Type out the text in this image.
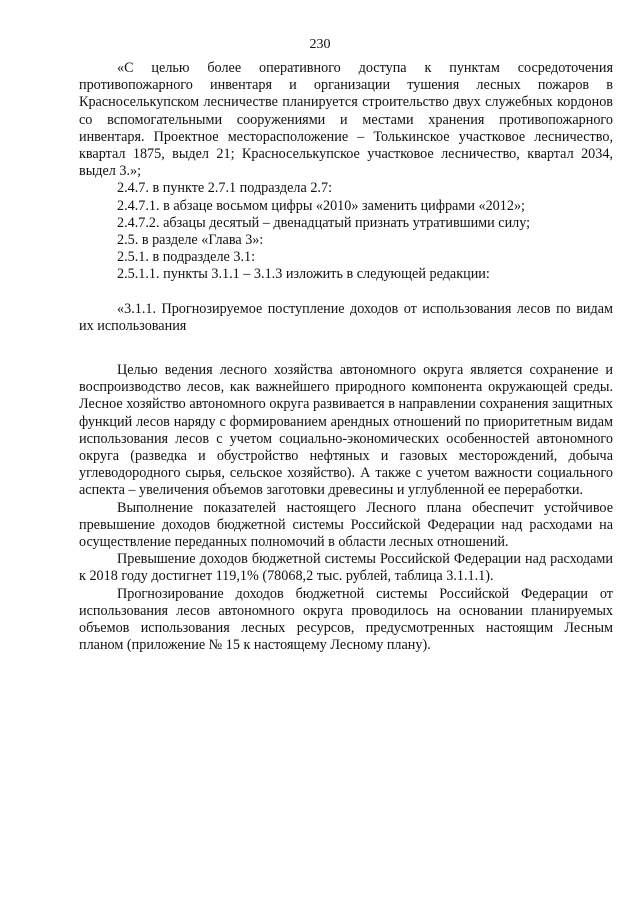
230

«С целью более оперативного доступа к пунктам сосредоточения противопожарного инвентаря и организации тушения лесных пожаров в Красноселькупском лесничестве планируется строительство двух служебных кордонов со вспомогательными сооружениями и местами хранения противопожарного инвентаря. Проектное месторасположение – Толькинское участковое лесничество, квартал 1875, выдел 21; Красноселькупское участковое лесничество, квартал 2034, выдел 3.»;

2.4.7. в пункте 2.7.1 подраздела 2.7:

2.4.7.1. в абзаце восьмом цифры «2010» заменить цифрами «2012»;

2.4.7.2. абзацы десятый – двенадцатый признать утратившими силу;

2.5. в разделе «Глава 3»:

2.5.1. в подразделе 3.1:

2.5.1.1. пункты 3.1.1 – 3.1.3 изложить в следующей редакции:

«3.1.1. Прогнозируемое поступление доходов от использования лесов по видам их использования

Целью ведения лесного хозяйства автономного округа является сохранение и воспроизводство лесов, как важнейшего природного компонента окружающей среды. Лесное хозяйство автономного округа развивается в направлении сохранения защитных функций лесов наряду с формированием арендных отношений по приоритетным видам использования лесов с учетом социально-экономических особенностей автономного округа (разведка и обустройство нефтяных и газовых месторождений, добыча углеводородного сырья, сельское хозяйство). А также с учетом важности социального аспекта – увеличения объемов заготовки древесины и углубленной ее переработки.

Выполнение показателей настоящего Лесного плана обеспечит устойчивое превышение доходов бюджетной системы Российской Федерации над расходами на осуществление переданных полномочий в области лесных отношений.

Превышение доходов бюджетной системы Российской Федерации над расходами к 2018 году достигнет 119,1% (78068,2 тыс. рублей, таблица 3.1.1.1).

Прогнозирование доходов бюджетной системы Российской Федерации от использования лесов автономного округа проводилось на основании планируемых объемов использования лесных ресурсов, предусмотренных настоящим Лесным планом (приложение № 15 к настоящему Лесному плану).
